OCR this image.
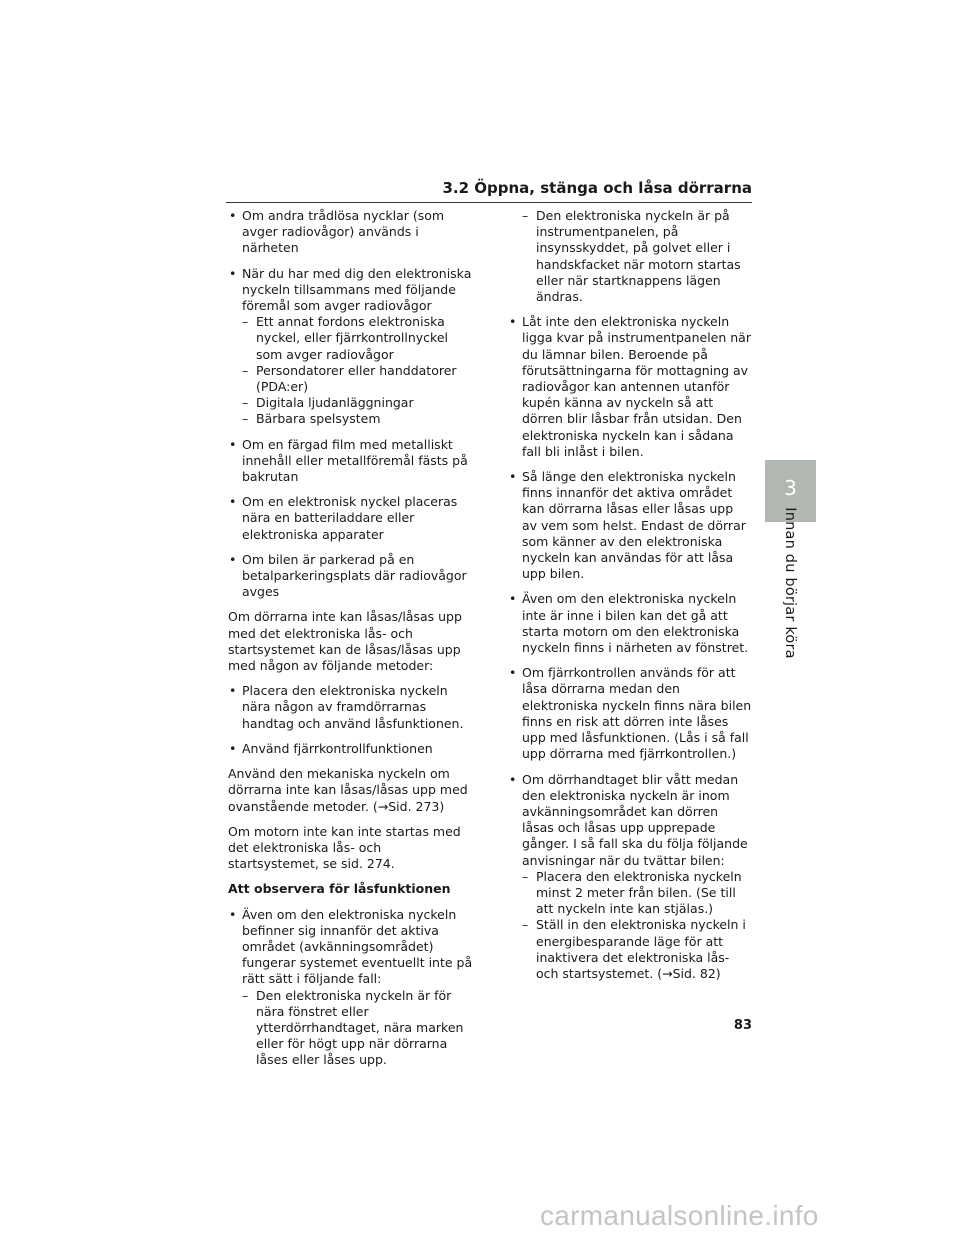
3.2 Öppna, stänga och låsa dörrarna
• Om andra trådlösa nycklar (som avger radiovågor) används i närheten
• När du har med dig den elektroniska nyckeln tillsammans med följande föremål som avger radiovågor
– Ett annat fordons elektroniska nyckel, eller fjärrkontrollnyckel som avger radiovågor
– Persondatorer eller handdatorer (PDA:er)
– Digitala ljudanläggningar
– Bärbara spelsystem
• Om en färgad film med metalliskt innehåll eller metallföremål fästs på bakrutan
• Om en elektronisk nyckel placeras nära en batteriladdare eller elektroniska apparater
• Om bilen är parkerad på en betalparkeringsplats där radiovågor avges

Om dörrarna inte kan låsas/låsas upp med det elektroniska lås- och startsystemet kan de låsas/låsas upp med någon av följande metoder:

• Placera den elektroniska nyckeln nära någon av framdörrarnas handtag och använd låsfunktionen.
• Använd fjärrkontrollfunktionen

Använd den mekaniska nyckeln om dörrarna inte kan låsas/låsas upp med ovanstående metoder. (→Sid. 273)

Om motorn inte kan inte startas med det elektroniska lås- och startsystemet, se sid. 274.

Att observera för låsfunktionen

• Även om den elektroniska nyckeln befinner sig innanför det aktiva området (avkänningsområdet) fungerar systemet eventuellt inte på rätt sätt i följande fall:
– Den elektroniska nyckeln är för nära fönstret eller ytterdörrhandtaget, nära marken eller för högt upp när dörrarna låses eller låses upp.
– Den elektroniska nyckeln är på instrumentpanelen, på insynsskyddet, på golvet eller i handskfacket när motorn startas eller när startknappens lägen ändras.
• Låt inte den elektroniska nyckeln ligga kvar på instrumentpanelen när du lämnar bilen. Beroende på förutsättningarna för mottagning av radiovågor kan antennen utanför kupén känna av nyckeln så att dörren blir låsbar från utsidan. Den elektroniska nyckeln kan i sådana fall bli inlåst i bilen.
• Så länge den elektroniska nyckeln finns innanför det aktiva området kan dörrarna låsas eller låsas upp av vem som helst. Endast de dörrar som känner av den elektroniska nyckeln kan användas för att låsa upp bilen.
• Även om den elektroniska nyckeln inte är inne i bilen kan det gå att starta motorn om den elektroniska nyckeln finns i närheten av fönstret.
• Om fjärrkontrollen används för att låsa dörrarna medan den elektroniska nyckeln finns nära bilen finns en risk att dörren inte låses upp med låsfunktionen. (Lås i så fall upp dörrarna med fjärrkontrollen.)
• Om dörrhandtaget blir vått medan den elektroniska nyckeln är inom avkänningsområdet kan dörren låsas och låsas upp upprepade gånger. I så fall ska du följa följande anvisningar när du tvättar bilen:
– Placera den elektroniska nyckeln minst 2 meter från bilen. (Se till att nyckeln inte kan stjälas.)
– Ställ in den elektroniska nyckeln i energibesparande läge för att inaktivera det elektroniska lås- och startsystemet. (→Sid. 82)
3
Innan du börjar köra
83
carmanualsonline.info
